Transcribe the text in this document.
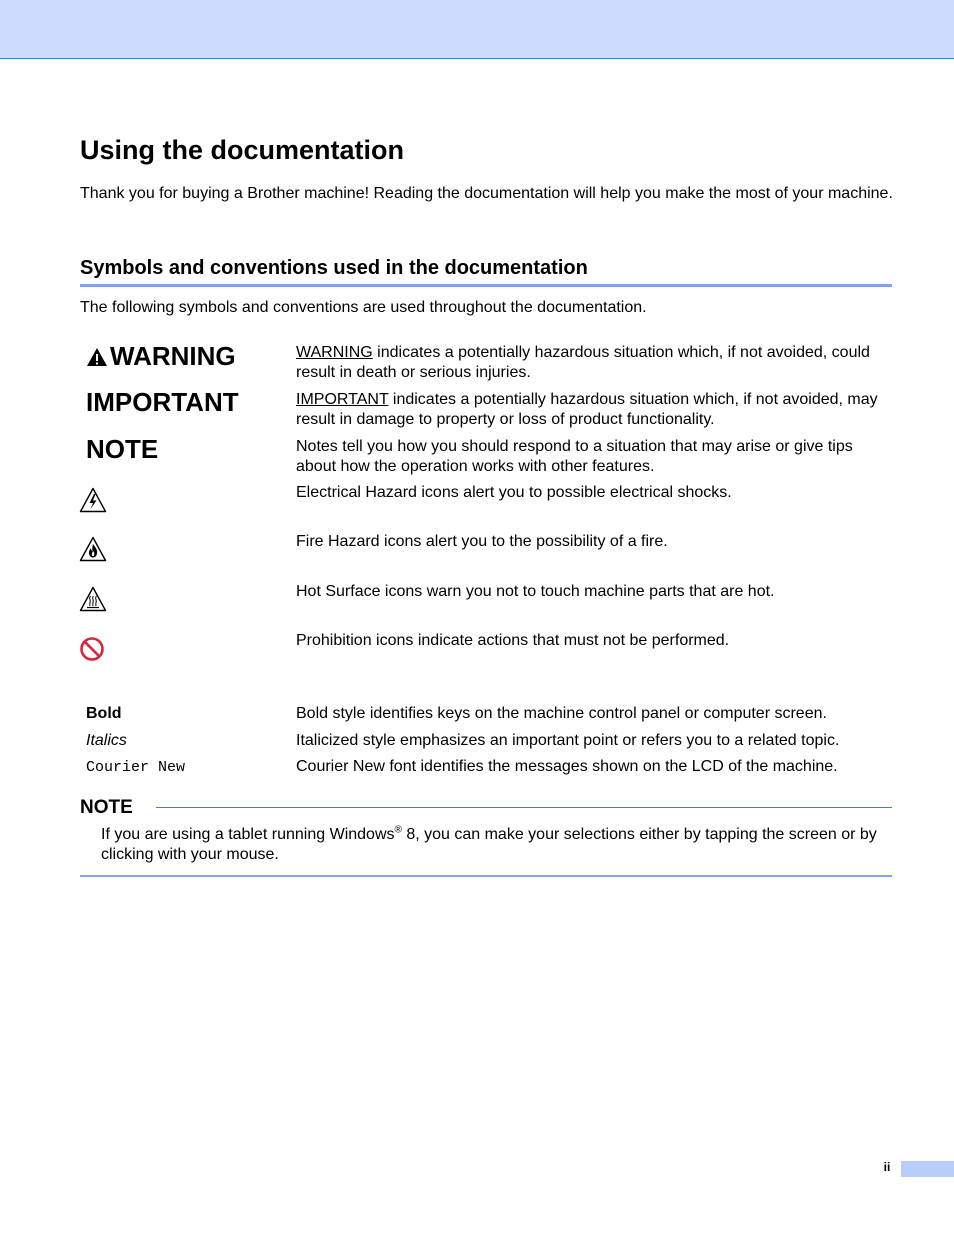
Using the documentation

Thank you for buying a Brother machine! Reading the documentation will help you make the most of your machine.

Symbols and conventions used in the documentation

The following symbols and conventions are used throughout the documentation.

WARNING	WARNING indicates a potentially hazardous situation which, if not avoided, could result in death or serious injuries.

IMPORTANT	IMPORTANT indicates a potentially hazardous situation which, if not avoided, may result in damage to property or loss of product functionality.

NOTE	Notes tell you how you should respond to a situation that may arise or give tips about how the operation works with other features.

Electrical Hazard icons alert you to possible electrical shocks.

Fire Hazard icons alert you to the possibility of a fire.

Hot Surface icons warn you not to touch machine parts that are hot.

Prohibition icons indicate actions that must not be performed.

Bold	Bold style identifies keys on the machine control panel or computer screen.

Italics	Italicized style emphasizes an important point or refers you to a related topic.

Courier New	Courier New font identifies the messages shown on the LCD of the machine.

NOTE

If you are using a tablet running Windows® 8, you can make your selections either by tapping the screen or by clicking with your mouse.

ii
